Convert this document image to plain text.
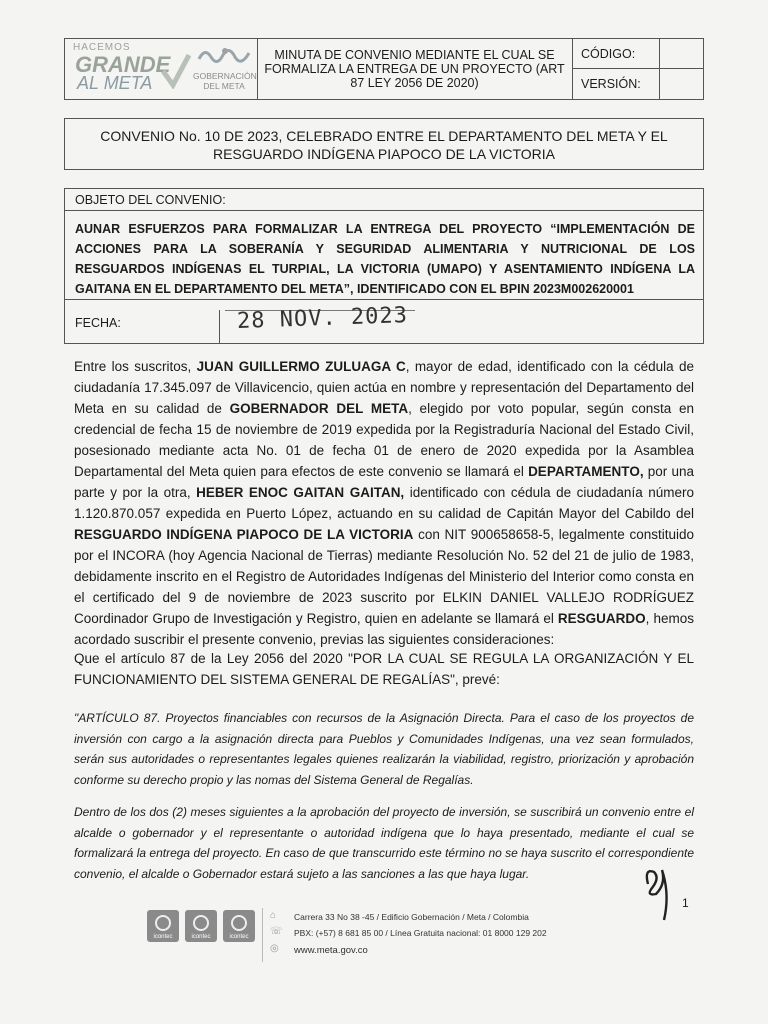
HACEMOS
GRANDE
AL META	GOBERNACIÓN
DEL META
MINUTA DE CONVENIO MEDIANTE EL CUAL SE FORMALIZA LA ENTREGA DE UN PROYECTO (ART 87 LEY 2056 DE 2020)
CÓDIGO:
VERSIÓN:
CONVENIO No. 10 DE 2023, CELEBRADO ENTRE EL DEPARTAMENTO DEL META Y EL RESGUARDO INDÍGENA PIAPOCO DE LA VICTORIA
OBJETO DEL CONVENIO:
AUNAR ESFUERZOS PARA FORMALIZAR LA ENTREGA DEL PROYECTO “IMPLEMENTACIÓN DE ACCIONES PARA LA SOBERANÍA Y SEGURIDAD ALIMENTARIA Y NUTRICIONAL DE LOS RESGUARDOS INDÍGENAS EL TURPIAL, LA VICTORIA (UMAPO) Y ASENTAMIENTO INDÍGENA LA GAITANA EN EL DEPARTAMENTO DEL META”, IDENTIFICADO CON EL BPIN 2023M002620001
FECHA:	28 NOV. 2023
Entre los suscritos, JUAN GUILLERMO ZULUAGA C, mayor de edad, identificado con la cédula de ciudadanía 17.345.097 de Villavicencio, quien actúa en nombre y representación del Departamento del Meta en su calidad de GOBERNADOR DEL META, elegido por voto popular, según consta en credencial de fecha 15 de noviembre de 2019 expedida por la Registraduría Nacional del Estado Civil, posesionado mediante acta No. 01 de fecha 01 de enero de 2020 expedida por la Asamblea Departamental del Meta quien para efectos de este convenio se llamará el DEPARTAMENTO, por una parte y por la otra, HEBER ENOC GAITAN GAITAN, identificado con cédula de ciudadanía número 1.120.870.057 expedida en Puerto López, actuando en su calidad de Capitán Mayor del Cabildo del RESGUARDO INDÍGENA PIAPOCO DE LA VICTORIA con NIT 900658658-5, legalmente constituido por el INCORA (hoy Agencia Nacional de Tierras) mediante Resolución No. 52 del 21 de julio de 1983, debidamente inscrito en el Registro de Autoridades Indígenas del Ministerio del Interior como consta en el certificado del 9 de noviembre de 2023 suscrito por ELKIN DANIEL VALLEJO RODRÍGUEZ Coordinador Grupo de Investigación y Registro, quien en adelante se llamará el RESGUARDO, hemos acordado suscribir el presente convenio, previas las siguientes consideraciones:
Que el artículo 87 de la Ley 2056 del 2020 "POR LA CUAL SE REGULA LA ORGANIZACIÓN Y EL FUNCIONAMIENTO DEL SISTEMA GENERAL DE REGALÍAS", prevé:
"ARTÍCULO 87. Proyectos financiables con recursos de la Asignación Directa. Para el caso de los proyectos de inversión con cargo a la asignación directa para Pueblos y Comunidades Indígenas, una vez sean formulados, serán sus autoridades o representantes legales quienes realizarán la viabilidad, registro, priorización y aprobación conforme su derecho propio y las nomas del Sistema General de Regalías.
Dentro de los dos (2) meses siguientes a la aprobación del proyecto de inversión, se suscribirá un convenio entre el alcalde o gobernador y el representante o autoridad indígena que lo haya presentado, mediante el cual se formalizará la entrega del proyecto. En caso de que transcurrido este término no se haya suscrito el correspondiente convenio, el alcalde o Gobernador estará sujeto a las sanciones a las que haya lugar.
1
icontec	icontec	icontec
⌂ Carrera 33 No 38 -45 / Edificio Gobernación / Meta / Colombia
☏ PBX: (+57) 8 681 85 00 / Línea Gratuita nacional: 01 8000 129 202
◎ www.meta.gov.co
